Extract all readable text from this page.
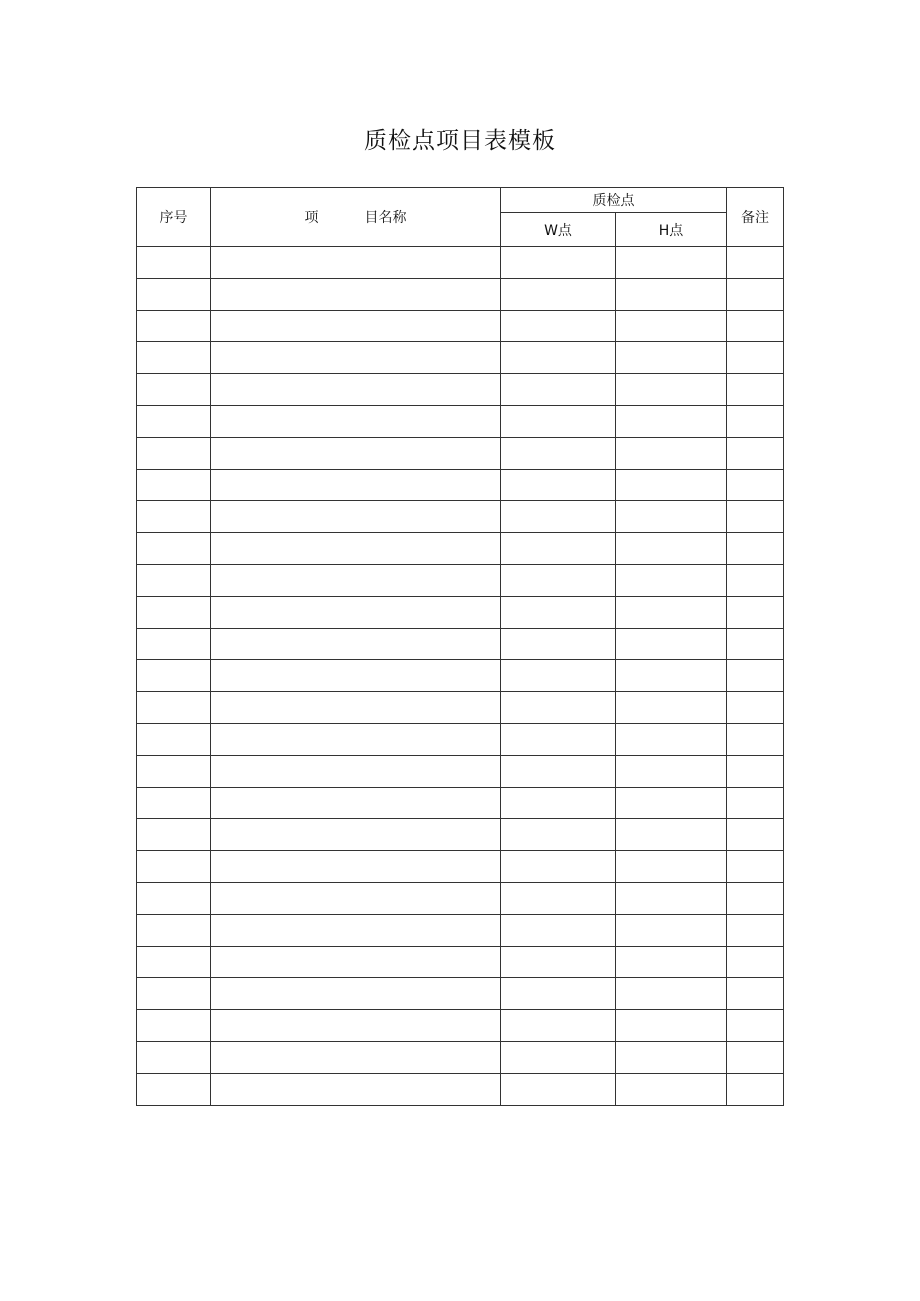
质检点项目表模板
序号	项 目名称	质检点		备注
		W点	H点	
